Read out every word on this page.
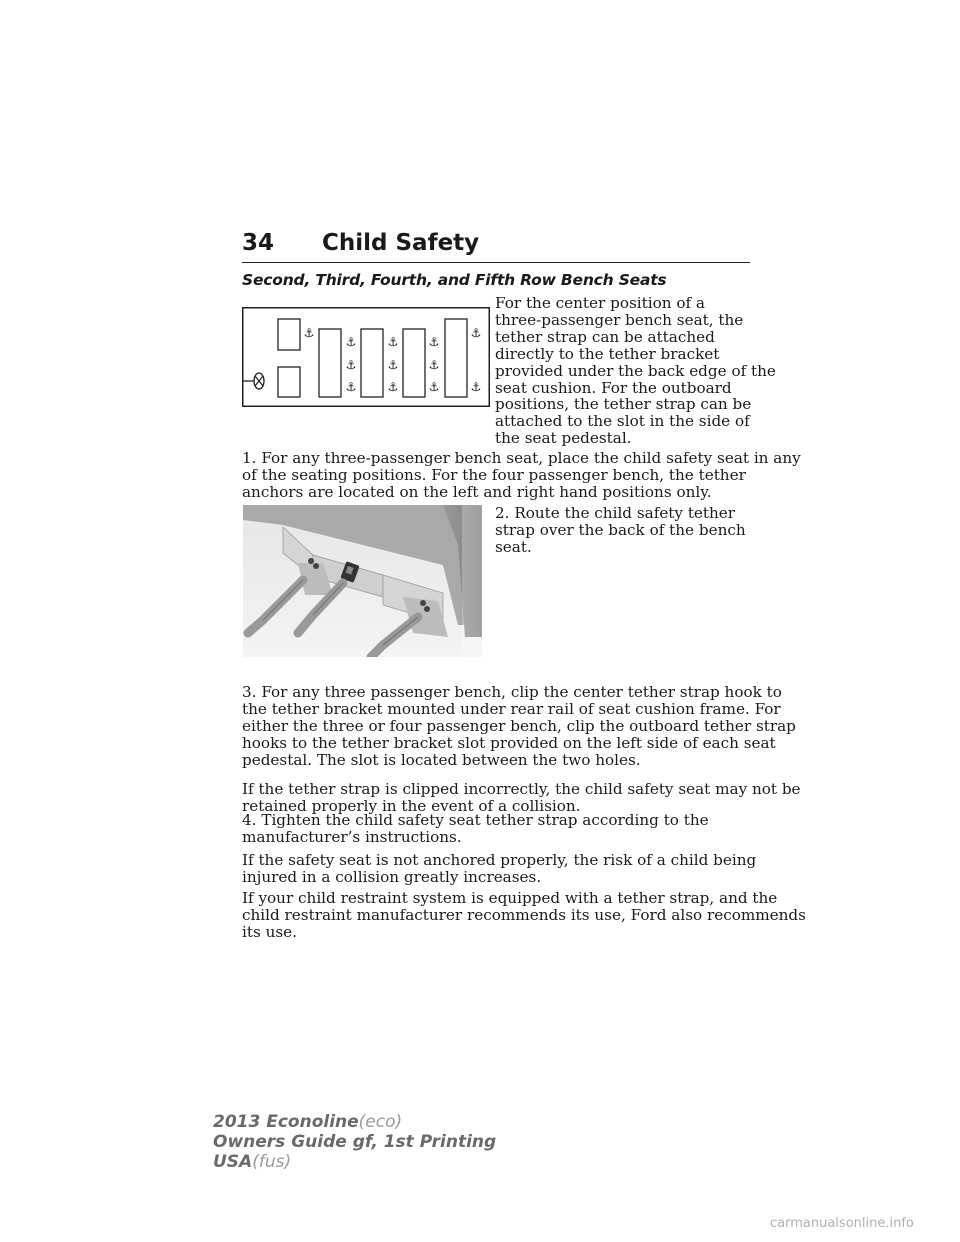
34 Child Safety
Second, Third, Fourth, and Fifth Row Bench Seats
⚓
⚓
⚓
⚓
⚓
⚓
⚓
⚓
⚓
⚓
⚓
⚓
For the center position of a
three-passenger bench seat, the
tether strap can be attached
directly to the tether bracket
provided under the back edge of the
seat cushion. For the outboard
positions, the tether strap can be
attached to the slot in the side of
the seat pedestal.
1. For any three-passenger bench seat, place the child safety seat in any
of the seating positions. For the four passenger bench, the tether
anchors are located on the left and right hand positions only.
2. Route the child safety tether
strap over the back of the bench
seat.
3. For any three passenger bench, clip the center tether strap hook to
the tether bracket mounted under rear rail of seat cushion frame. For
either the three or four passenger bench, clip the outboard tether strap
hooks to the tether bracket slot provided on the left side of each seat
pedestal. The slot is located between the two holes.
If the tether strap is clipped incorrectly, the child safety seat may not be
retained properly in the event of a collision.
4. Tighten the child safety seat tether strap according to the
manufacturer’s instructions.
If the safety seat is not anchored properly, the risk of a child being
injured in a collision greatly increases.
If your child restraint system is equipped with a tether strap, and the
child restraint manufacturer recommends its use, Ford also recommends
its use.
2013 Econoline(eco)
Owners Guide gf, 1st Printing
USA(fus)
carmanualsonline.info
